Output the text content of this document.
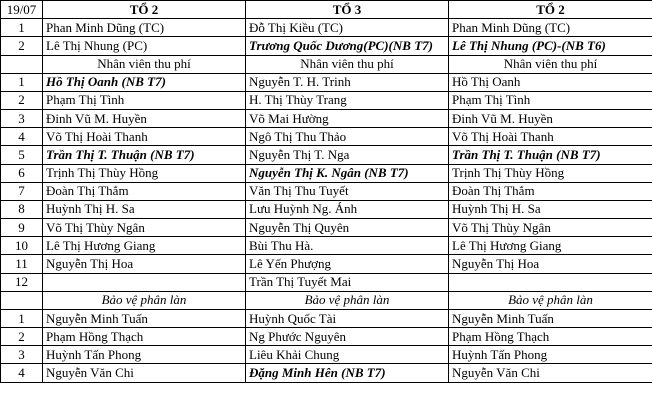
19/07	TỔ 2	TỔ 3	TỔ 2
1	Phan Minh Dũng (TC)	Đỗ Thị Kiều (TC)	Phan Minh Dũng (TC)
2	Lê Thị Nhung (PC)	Trương Quốc Dương(PC)(NB T7)	Lê Thị Nhung (PC)-(NB T6)
	Nhân viên thu phí	Nhân viên thu phí	Nhân viên thu phí
1	Hồ Thị Oanh (NB T7)	Nguyễn T. H. Trinh	Hồ Thị Oanh
2	Phạm Thị Tình	H. Thị Thùy Trang	Phạm Thị Tình
3	Đinh Vũ M. Huyền	Võ Mai Hường	Đinh Vũ M. Huyền
4	Võ Thị Hoài Thanh	Ngô Thị Thu Thảo	Võ Thị Hoài Thanh
5	Trần Thị T. Thuận (NB T7)	Nguyễn Thị T. Nga	Trần Thị T. Thuận (NB T7)
6	Trịnh Thị Thùy Hồng	Nguyễn Thị K. Ngân (NB T7)	Trịnh Thị Thùy Hồng
7	Đoàn Thị Thắm	Văn Thị Thu Tuyết	Đoàn Thị Thắm
8	Huỳnh Thị H. Sa	Lưu Huỳnh Ng. Ánh	Huỳnh Thị H. Sa
9	Võ Thị Thùy Ngân	Nguyễn Thị Quyên	Võ Thị Thùy Ngân
10	Lê Thị Hương Giang	Bùi Thu Hà.	Lê Thị Hương Giang
11	Nguyễn Thị Hoa	Lê Yến Phượng	Nguyễn Thị Hoa
12		Trần Thị Tuyết Mai	
	Bảo vệ phân làn	Bảo vệ phân làn	Bảo vệ phân làn
1	Nguyễn Minh Tuấn	Huỳnh Quốc Tài	Nguyễn Minh Tuấn
2	Phạm Hồng Thạch	Ng Phước Nguyên	Phạm Hồng Thạch
3	Huỳnh Tấn Phong	Liêu Khải Chung	Huỳnh Tấn Phong
4	Nguyễn Văn Chi	Đặng Minh Hên (NB T7)	Nguyễn Văn Chi
